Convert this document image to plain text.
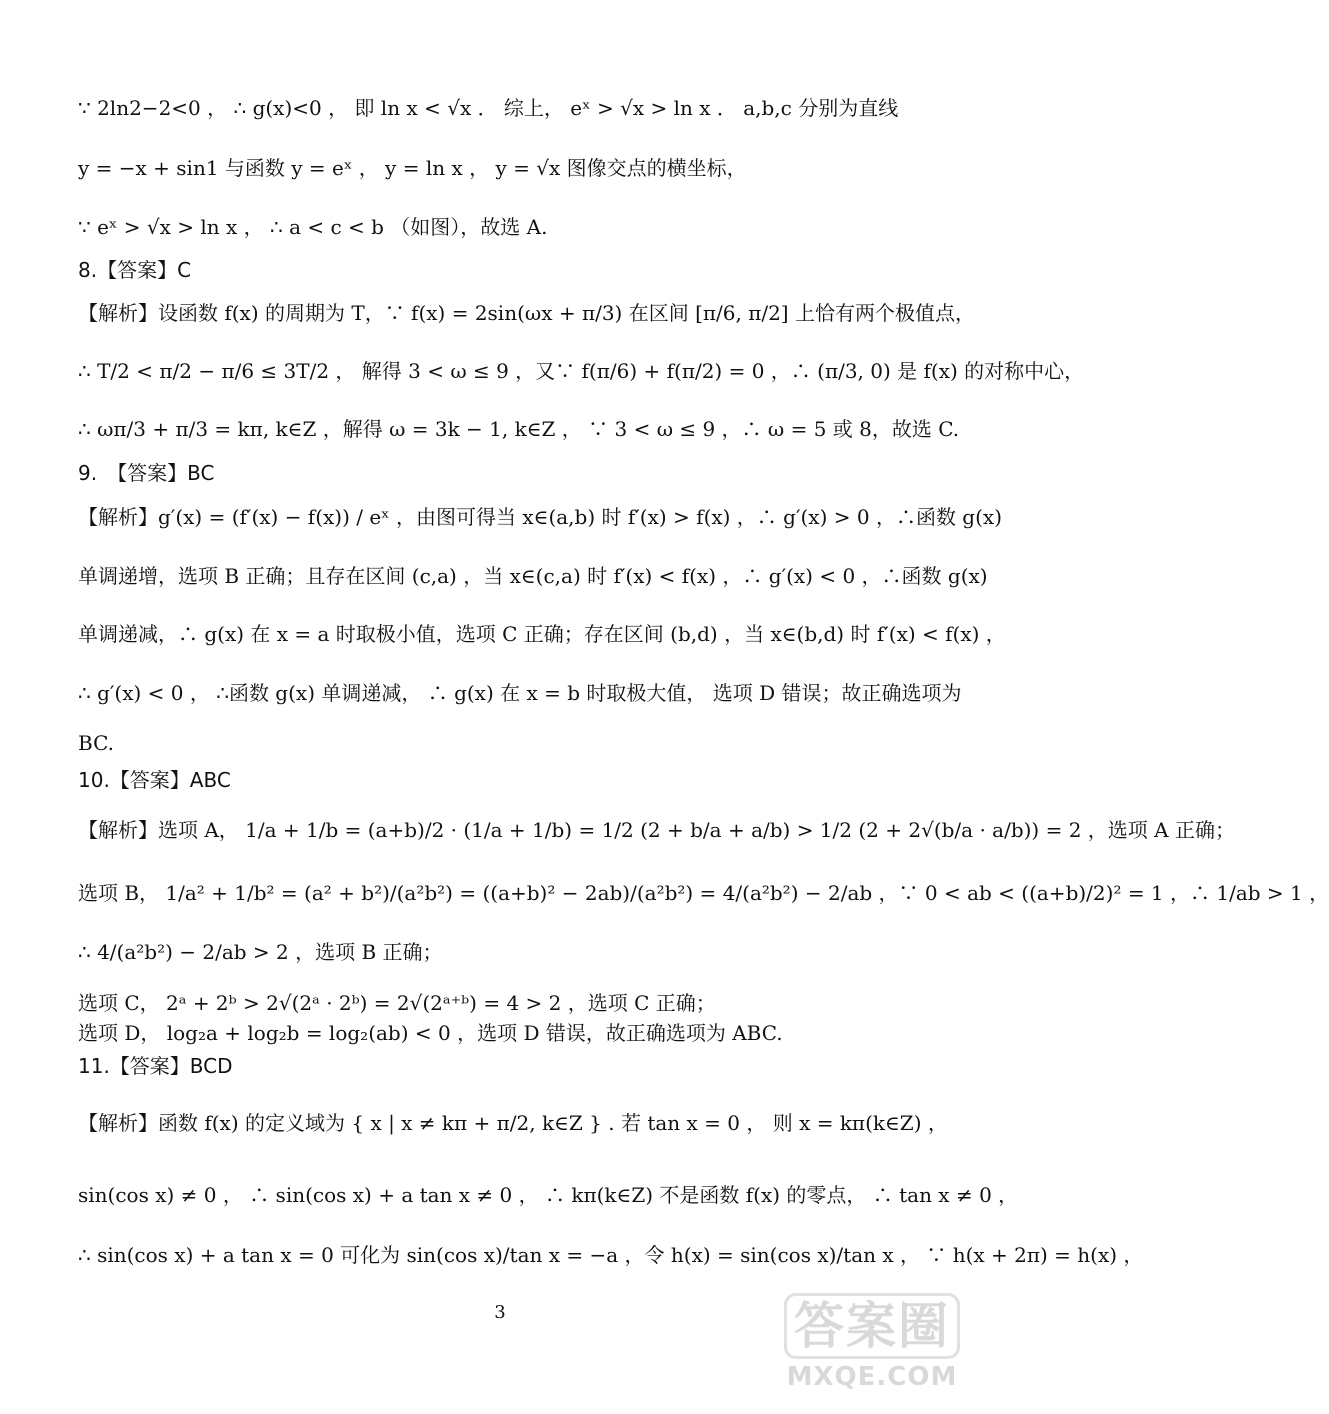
∵ 2ln2−2<0 ， ∴ g(x)<0 ， 即 ln x < √x ． 综上， eˣ > √x > ln x ． a,b,c 分别为直线
y = −x + sin1 与函数 y = eˣ ， y = ln x ， y = √x 图像交点的横坐标，
∵ eˣ > √x > ln x ， ∴ a < c < b （如图），故选 A.
8.【答案】C
【解析】设函数 f(x) 的周期为 T，∵ f(x) = 2sin(ωx + π/3) 在区间 [π/6, π/2] 上恰有两个极值点，
∴ T/2 < π/2 − π/6 ≤ 3T/2 ， 解得 3 < ω ≤ 9 ，又∵ f(π/6) + f(π/2) = 0 ，∴ (π/3, 0) 是 f(x) 的对称中心，
∴ ωπ/3 + π/3 = kπ, k∈Z ，解得 ω = 3k − 1, k∈Z ， ∵ 3 < ω ≤ 9 ，∴ ω = 5 或 8，故选 C.
9.　【答案】BC
【解析】g′(x) = (f′(x) − f(x)) / eˣ ，由图可得当 x∈(a,b) 时 f′(x) > f(x) ，∴ g′(x) > 0 ，∴函数 g(x)
单调递增，选项 B 正确；且存在区间 (c,a) ，当 x∈(c,a) 时 f′(x) < f(x) ，∴ g′(x) < 0 ，∴函数 g(x)
单调递减，∴ g(x) 在 x = a 时取极小值，选项 C 正确；存在区间 (b,d) ，当 x∈(b,d) 时 f′(x) < f(x) ，
∴ g′(x) < 0 ， ∴函数 g(x) 单调递减， ∴ g(x) 在 x = b 时取极大值， 选项 D 错误；故正确选项为
BC.
10.【答案】ABC
【解析】选项 A， 1/a + 1/b = (a+b)/2 · (1/a + 1/b) = 1/2 (2 + b/a + a/b) > 1/2 (2 + 2√(b/a · a/b)) = 2 ，选项 A 正确；
选项 B， 1/a² + 1/b² = (a² + b²)/(a²b²) = ((a+b)² − 2ab)/(a²b²) = 4/(a²b²) − 2/ab ，∵ 0 < ab < ((a+b)/2)² = 1 ，∴ 1/ab > 1 ，
∴ 4/(a²b²) − 2/ab > 2 ，选项 B 正确；
选项 C， 2ᵃ + 2ᵇ > 2√(2ᵃ · 2ᵇ) = 2√(2ᵃ⁺ᵇ) = 4 > 2 ，选项 C 正确；
选项 D， log₂a + log₂b = log₂(ab) < 0 ，选项 D 错误，故正确选项为 ABC.
11.【答案】BCD
【解析】函数 f(x) 的定义域为 { x | x ≠ kπ + π/2, k∈Z } . 若 tan x = 0 ， 则 x = kπ(k∈Z) ，
sin(cos x) ≠ 0 ， ∴ sin(cos x) + a tan x ≠ 0 ， ∴ kπ(k∈Z) 不是函数 f(x) 的零点， ∴ tan x ≠ 0 ，
∴ sin(cos x) + a tan x = 0 可化为 sin(cos x)/tan x = −a ，令 h(x) = sin(cos x)/tan x ， ∵ h(x + 2π) = h(x) ，
3	答案圈
MXQE.COM
